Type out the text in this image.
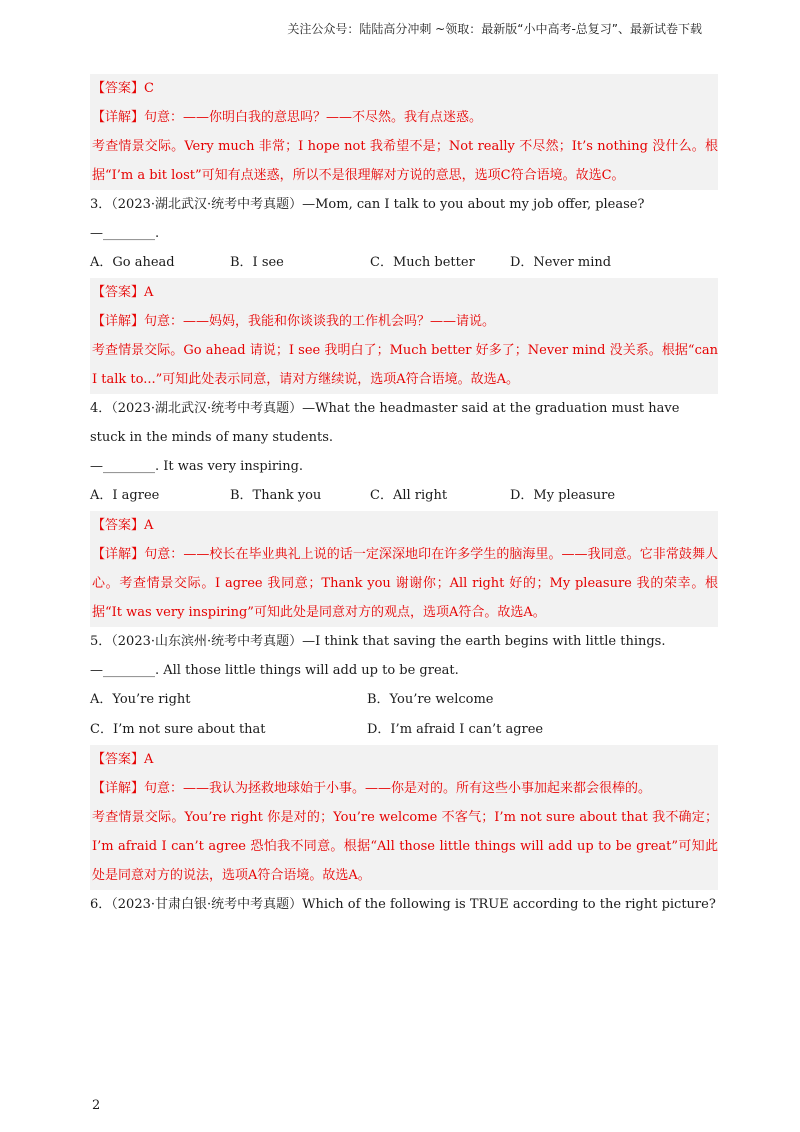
关注公众号：陆陆高分冲刺 ~领取：最新版“小中高考-总复习”、最新试卷下载
【答案】C
【详解】句意：——你明白我的意思吗？——不尽然。我有点迷惑。
考查情景交际。Very much 非常；I hope not 我希望不是；Not really 不尽然；It’s nothing 没什么。根据“I’m a bit lost”可知有点迷惑，所以不是很理解对方说的意思，选项C符合语境。故选C。
3．（2023·湖北武汉·统考中考真题）—Mom, can I talk to you about my job offer, please?
—________.
A．Go ahead	B．I see	C．Much better	D．Never mind
【答案】A
【详解】句意：——妈妈，我能和你谈谈我的工作机会吗？——请说。
考查情景交际。Go ahead 请说；I see 我明白了；Much better 好多了；Never mind 没关系。根据“can I talk to...”可知此处表示同意，请对方继续说，选项A符合语境。故选A。
4．（2023·湖北武汉·统考中考真题）—What the headmaster said at the graduation must have stuck in the minds of many students.
—________. It was very inspiring.
A．I agree	B．Thank you	C．All right	D．My pleasure
【答案】A
【详解】句意：——校长在毕业典礼上说的话一定深深地印在许多学生的脑海里。——我同意。它非常鼓舞人心。考查情景交际。I agree 我同意；Thank you 谢谢你；All right 好的；My pleasure 我的荣幸。根据“It was very inspiring”可知此处是同意对方的观点，选项A符合。故选A。
5．（2023·山东滨州·统考中考真题）—I think that saving the earth begins with little things.
—________. All those little things will add up to be great.
A．You’re right	B．You’re welcome
C．I’m not sure about that	D．I’m afraid I can’t agree
【答案】A
【详解】句意：——我认为拯救地球始于小事。——你是对的。所有这些小事加起来都会很棒的。
考查情景交际。You’re right 你是对的；You’re welcome 不客气；I’m not sure about that 我不确定；I’m afraid I can’t agree 恐怕我不同意。根据“All those little things will add up to be great”可知此处是同意对方的说法，选项A符合语境。故选A。
6．（2023·甘肃白银·统考中考真题）Which of the following is TRUE according to the right picture?
2
